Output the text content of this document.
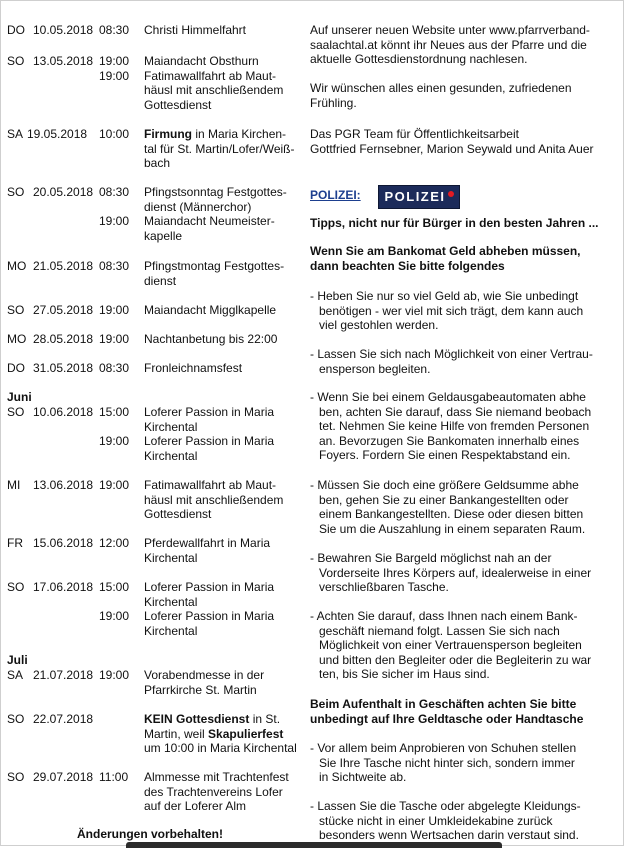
DO 10.05.2018 08:30	Christi Himmelfahrt
SO 13.05.2018 19:00	Maiandacht Obsthurn
19:00	Fatimawallfahrt ab Maut-
häusl mit anschließendem
Gottesdienst
SA 19.05.2018 10:00	Firmung in Maria Kirchen-
tal für St. Martin/Lofer/Weiß-
bach
SO 20.05.2018 08:30	Pfingstsonntag Festgottes-
dienst (Männerchor)
19:00	Maiandacht Neumeister-
kapelle
MO 21.05.2018 08:30	Pfingstmontag Festgottes-
dienst
SO 27.05.2018 19:00	Maiandacht Migglkapelle
MO 28.05.2018 19:00	Nachtanbetung bis 22:00
DO 31.05.2018 08:30	Fronleichnamsfest
Juni
SO 10.06.2018 15:00	Loferer Passion in Maria
Kirchental
19:00	Loferer Passion in Maria
Kirchental
MI	13.06.2018 19:00	Fatimawallfahrt ab Maut-
häusl mit anschließendem
Gottesdienst
FR 15.06.2018 12:00	Pferdewallfahrt in Maria
Kirchental
SO 17.06.2018 15:00	Loferer Passion in Maria
Kirchental
19:00	Loferer Passion in Maria
Kirchental
Juli
SA 21.07.2018 19:00	Vorabendmesse in der
Pfarrkirche St. Martin
SO 22.07.2018	KEIN Gottesdienst in St.
Martin, weil Skapulierfest
um 10:00 in Maria Kirchental
SO 29.07.2018 11:00	Almmesse mit Trachtenfest
des Trachtenvereins Lofer
auf der Loferer Alm
Änderungen vorbehalten!
Auf unserer neuen Website unter www.pfarrverband-
saalachtal.at könnt ihr Neues aus der Pfarre und die
aktuelle Gottesdienstordnung nachlesen.
Wir wünschen alles einen gesunden, zufriedenen
Frühling.
Das PGR Team für Öffentlichkeitsarbeit
Gottfried Fernsebner, Marion Seywald und Anita Auer
POLIZEI: POLIZEI
Tipps, nicht nur für Bürger in den besten Jahren ...
Wenn Sie am Bankomat Geld abheben müssen,
dann beachten Sie bitte folgendes
- Heben Sie nur so viel Geld ab, wie Sie unbedingt
benötigen - wer viel mit sich trägt, dem kann auch
viel gestohlen werden.
- Lassen Sie sich nach Möglichkeit von einer Vertrau-
ensperson begleiten.
- Wenn Sie bei einem Geldausgabeautomaten abhe
ben, achten Sie darauf, dass Sie niemand beobach
tet. Nehmen Sie keine Hilfe von fremden Personen
an. Bevorzugen Sie Bankomaten innerhalb eines
Foyers. Fordern Sie einen Respektabstand ein.
- Müssen Sie doch eine größere Geldsumme abhe
ben, gehen Sie zu einer Bankangestellten oder
einem Bankangestellten. Diese oder diesen bitten
Sie um die Auszahlung in einem separaten Raum.
- Bewahren Sie Bargeld möglichst nah an der
Vorderseite Ihres Körpers auf, idealerweise in einer
verschließbaren Tasche.
- Achten Sie darauf, dass Ihnen nach einem Bank-
geschäft niemand folgt. Lassen Sie sich nach
Möglichkeit von einer Vertrauensperson begleiten
und bitten den Begleiter oder die Begleiterin zu war
ten, bis Sie sicher im Haus sind.
Beim Aufenthalt in Geschäften achten Sie bitte
unbedingt auf Ihre Geldtasche oder Handtasche
- Vor allem beim Anprobieren von Schuhen stellen
Sie Ihre Tasche nicht hinter sich, sondern immer
in Sichtweite ab.
- Lassen Sie die Tasche oder abgelegte Kleidungs-
stücke nicht in einer Umkleidekabine zurück
besonders wenn Wertsachen darin verstaut sind.
